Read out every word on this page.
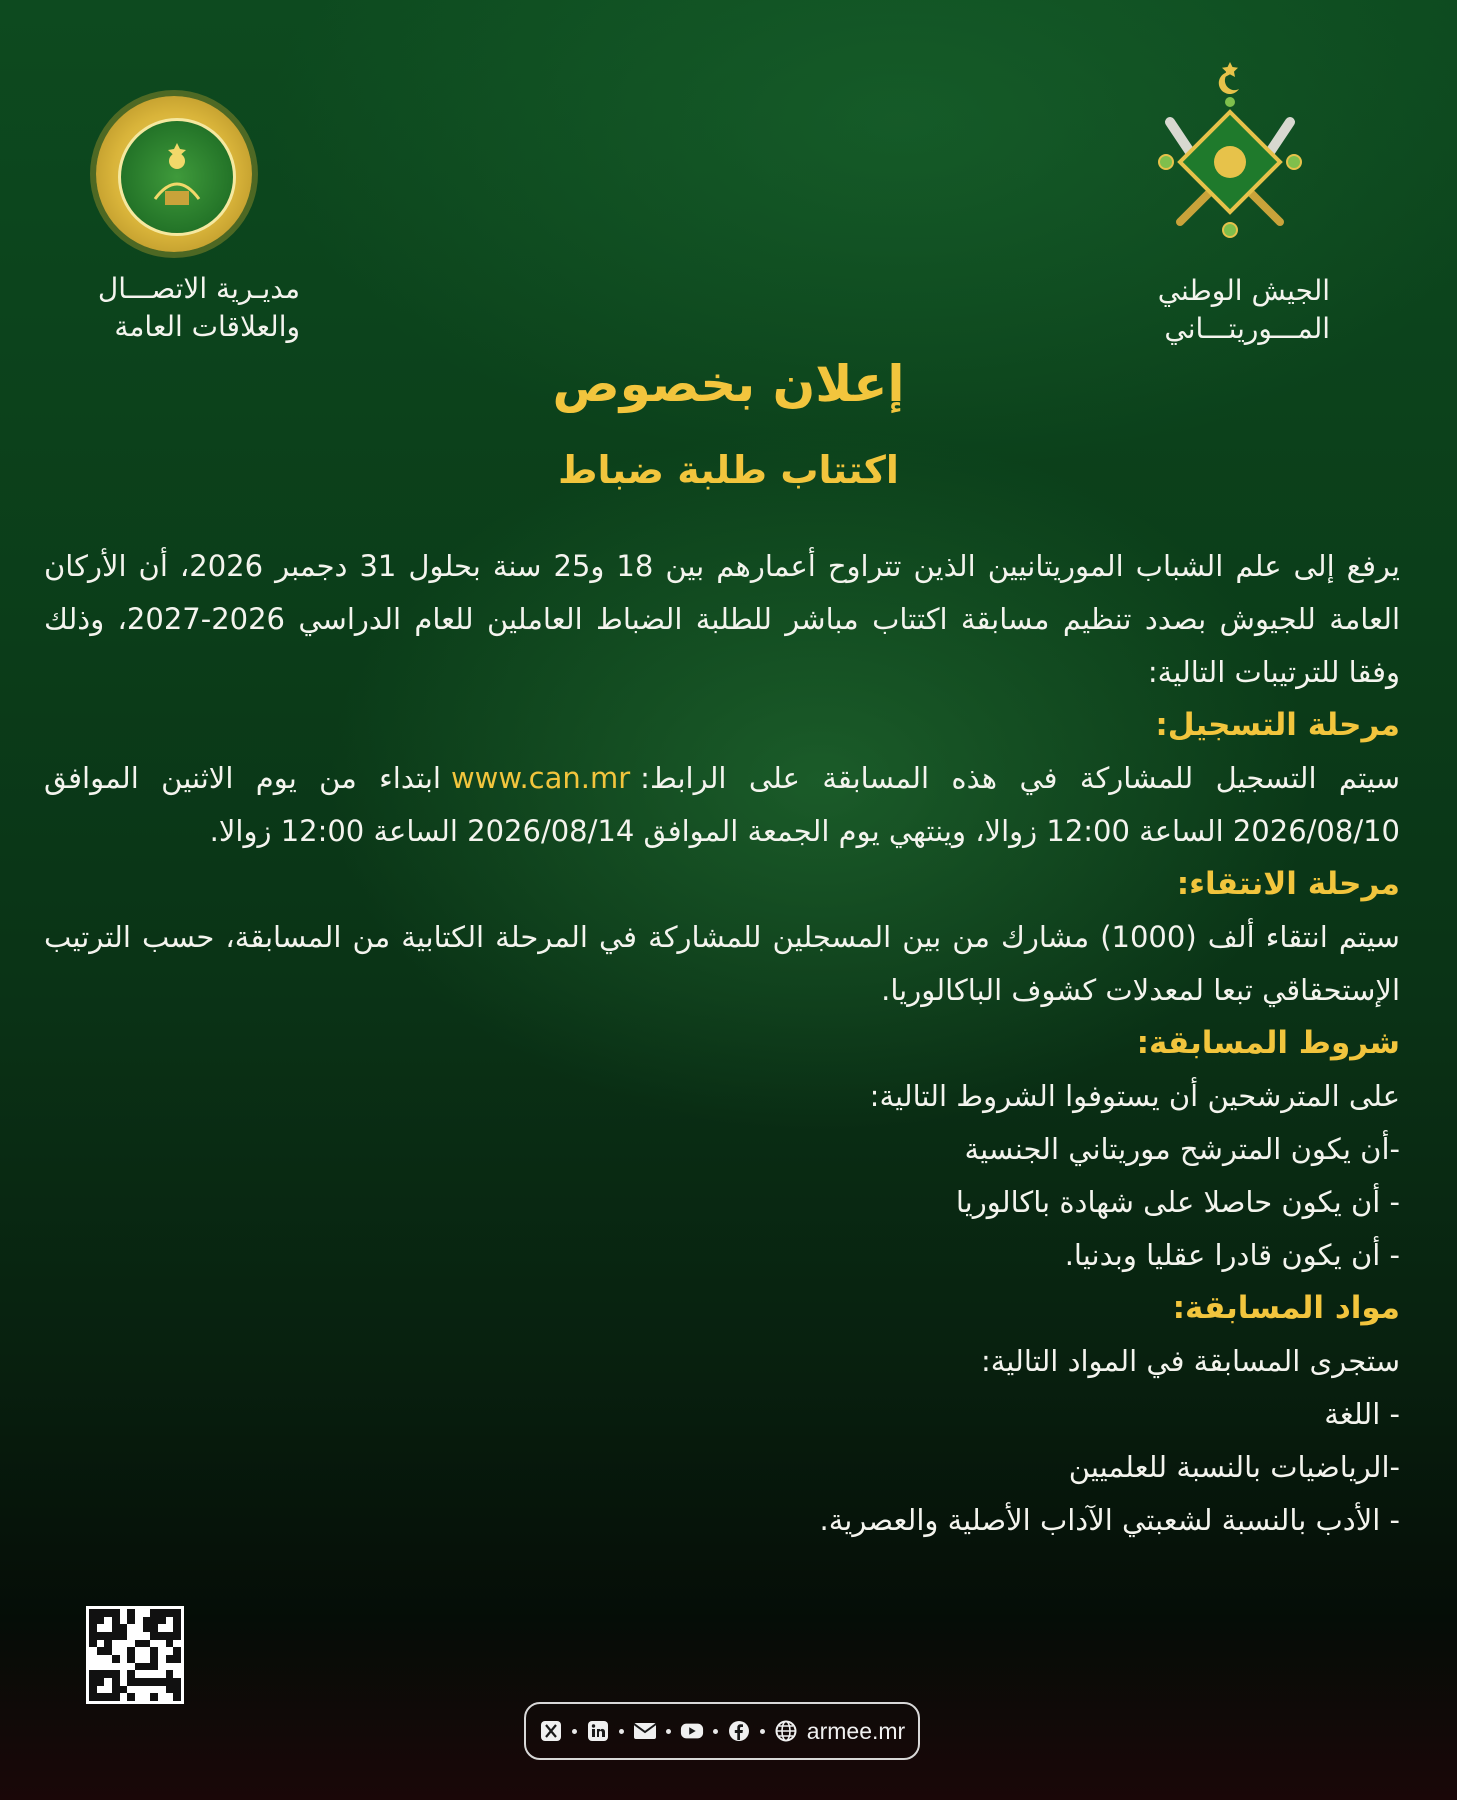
مديـرية الاتصـــال
والعلاقات العامة
الجيش الوطني
المـــوريتـــاني
إعلان بخصوص
اكتتاب طلبة ضباط

يرفع إلى علم الشباب الموريتانيين الذين تتراوح أعمارهم بين 18 و25 سنة بحلول 31 دجمبر 2026، أن الأركان العامة للجيوش بصدد تنظيم مسابقة اكتتاب مباشر للطلبة الضباط العاملين للعام الدراسي 2026-2027، وذلك وفقا للترتيبات التالية:

مرحلة التسجيل:

سيتم التسجيل للمشاركة في هذه المسابقة على الرابط:www.can.mrابتداء من يوم الاثنين الموافق 2026/08/10 الساعة 12:00 زوالا، وينتهي يوم الجمعة الموافق 2026/08/14 الساعة 12:00 زوالا.

مرحلة الانتقاء:

سيتم انتقاء ألف (1000) مشارك من بين المسجلين للمشاركة في المرحلة الكتابية من المسابقة، حسب الترتيب الإستحقاقي تبعا لمعدلات كشوف الباكالوريا.

شروط المسابقة:

على المترشحين أن يستوفوا الشروط التالية:

-أن يكون المترشح موريتاني الجنسية

- أن يكون حاصلا على شهادة باكالوريا

- أن يكون قادرا عقليا وبدنيا.

مواد المسابقة:

ستجرى المسابقة في المواد التالية:

- اللغة

-الرياضيات بالنسبة للعلميين

- الأدب بالنسبة لشعبتي الآداب الأصلية والعصرية.

armee.mr
